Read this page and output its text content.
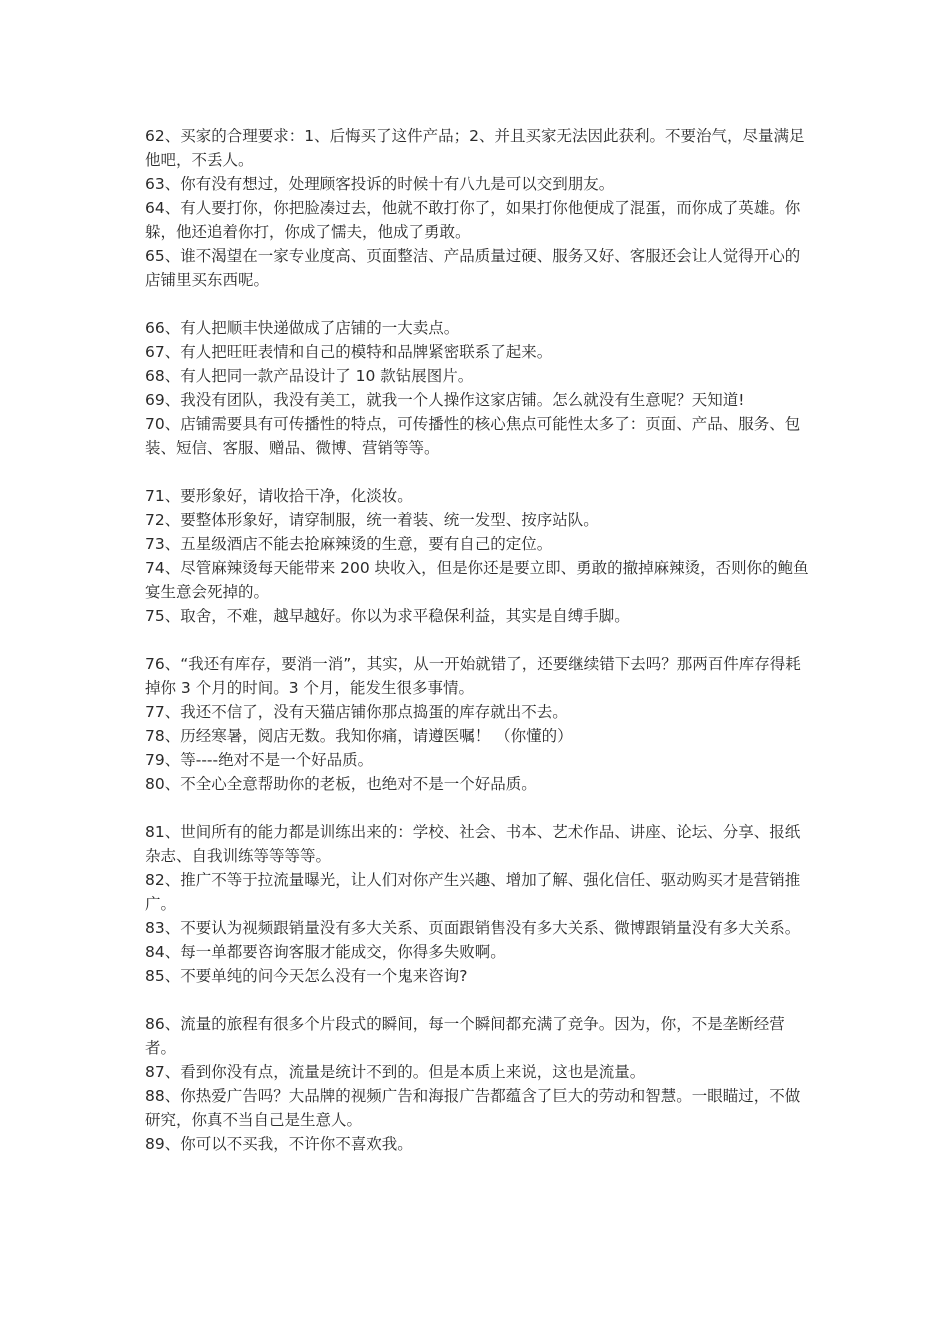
62、买家的合理要求：1、后悔买了这件产品；2、并且买家无法因此获利。不要治气，尽量满足他吧，不丢人。

63、你有没有想过，处理顾客投诉的时候十有八九是可以交到朋友。

64、有人要打你，你把脸凑过去，他就不敢打你了，如果打你他便成了混蛋，而你成了英雄。你躲，他还追着你打，你成了懦夫，他成了勇敢。

65、谁不渴望在一家专业度高、页面整洁、产品质量过硬、服务又好、客服还会让人觉得开心的店铺里买东西呢。

66、有人把顺丰快递做成了店铺的一大卖点。

67、有人把旺旺表情和自己的模特和品牌紧密联系了起来。

68、有人把同一款产品设计了 10 款钻展图片。

69、我没有团队，我没有美工，就我一个人操作这家店铺。怎么就没有生意呢？天知道!

70、店铺需要具有可传播性的特点，可传播性的核心焦点可能性太多了：页面、产品、服务、包装、短信、客服、赠品、微博、营销等等。

71、要形象好，请收拾干净，化淡妆。

72、要整体形象好，请穿制服，统一着装、统一发型、按序站队。

73、五星级酒店不能去抢麻辣烫的生意，要有自己的定位。

74、尽管麻辣烫每天能带来 200 块收入，但是你还是要立即、勇敢的撤掉麻辣烫，否则你的鲍鱼宴生意会死掉的。

75、取舍，不难，越早越好。你以为求平稳保利益，其实是自缚手脚。

76、“我还有库存，要消一消”，其实，从一开始就错了，还要继续错下去吗？那两百件库存得耗掉你 3 个月的时间。3 个月，能发生很多事情。

77、我还不信了，没有天猫店铺你那点捣蛋的库存就出不去。

78、历经寒暑，阅店无数。我知你痛，请遵医嘱！ （你懂的）

79、等----绝对不是一个好品质。

80、不全心全意帮助你的老板，也绝对不是一个好品质。

81、世间所有的能力都是训练出来的：学校、社会、书本、艺术作品、讲座、论坛、分享、报纸杂志、自我训练等等等等。

82、推广不等于拉流量曝光，让人们对你产生兴趣、增加了解、强化信任、驱动购买才是营销推广。

83、不要认为视频跟销量没有多大关系、页面跟销售没有多大关系、微博跟销量没有多大关系。

84、每一单都要咨询客服才能成交，你得多失败啊。

85、不要单纯的问今天怎么没有一个鬼来咨询?

86、流量的旅程有很多个片段式的瞬间，每一个瞬间都充满了竞争。因为，你，不是垄断经营者。

87、看到你没有点，流量是统计不到的。但是本质上来说，这也是流量。

88、你热爱广告吗？大品牌的视频广告和海报广告都蕴含了巨大的劳动和智慧。一眼瞄过，不做研究，你真不当自己是生意人。

89、你可以不买我，不许你不喜欢我。
